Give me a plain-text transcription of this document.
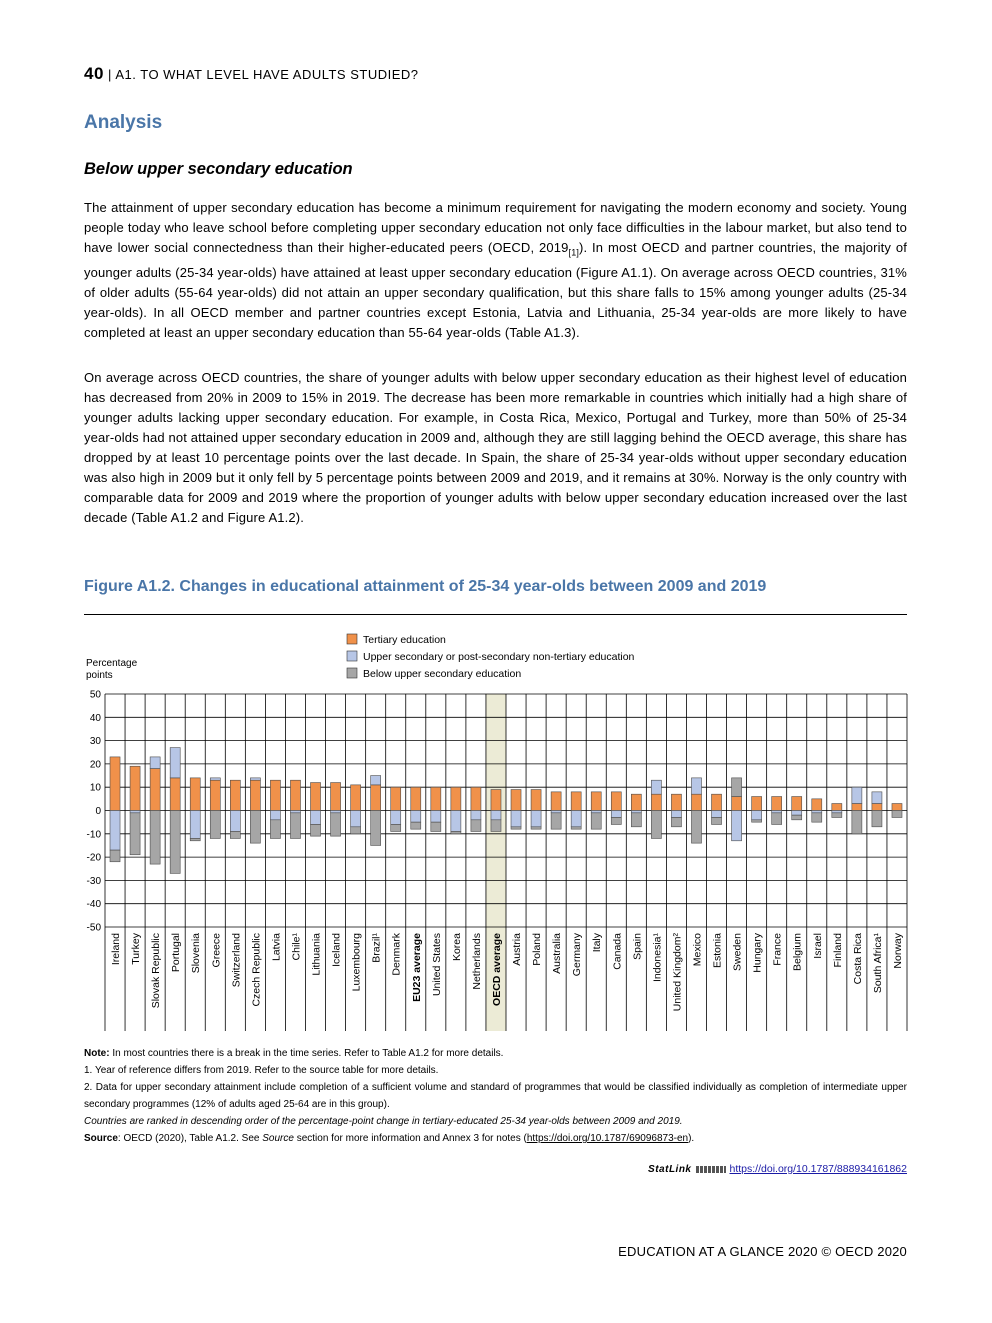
40 | A1. TO WHAT LEVEL HAVE ADULTS STUDIED?
Analysis
Below upper secondary education
The attainment of upper secondary education has become a minimum requirement for navigating the modern economy and society. Young people today who leave school before completing upper secondary education not only face difficulties in the labour market, but also tend to have lower social connectedness than their higher-educated peers (OECD, $2019_{[1]}$). In most OECD and partner countries, the majority of younger adults (25-34 year-olds) have attained at least upper secondary education (Figure A1.1). On average across OECD countries, 31% of older adults (55-64 year-olds) did not attain an upper secondary qualification, but this share falls to 15% among younger adults (25-34 year-olds). In all OECD member and partner countries except Estonia, Latvia and Lithuania, 25-34 year-olds are more likely to have completed at least an upper secondary education than 55-64 year-olds (Table A1.3).
On average across OECD countries, the share of younger adults with below upper secondary education as their highest level of education has decreased from 20% in 2009 to 15% in 2019. The decrease has been more remarkable in countries which initially had a high share of younger adults lacking upper secondary education. For example, in Costa Rica, Mexico, Portugal and Turkey, more than 50% of 25-34 year-olds had not attained upper secondary education in 2009 and, although they are still lagging behind the OECD average, this share has dropped by at least 10 percentage points over the last decade. In Spain, the share of 25-34 year-olds without upper secondary education was also high in 2009 but it only fell by 5 percentage points between 2009 and 2019, and it remains at 30%. Norway is the only country with comparable data for 2009 and 2019 where the proportion of younger adults with below upper secondary education increased over the last decade (Table A1.2 and Figure A1.2).
Figure A1.2. Changes in educational attainment of 25-34 year-olds between 2009 and 2019
50
40
30
20
10
0
-10
-20
-30
-40
-50
Percentage
points
Tertiary education
Upper secondary or post-secondary non-tertiary education
Below upper secondary education
Ireland Turkey Slovak Republic Portugal Slovenia Greece Switzerland Czech Republic Latvia Chile¹ Lithuania Iceland Luxembourg Brazil¹ Denmark EU23 average United States Korea Netherlands OECD average Austria Poland Australia Germany Italy Canada Spain Indonesia¹ United Kingdom² Mexico Estonia Sweden Hungary France Belgium Israel Finland Costa Rica South Africa¹ Norway

Note: In most countries there is a break in the time series. Refer to Table A1.2 for more details.

1. Year of reference differs from 2019. Refer to the source table for more details.

2. Data for upper secondary attainment include completion of a sufficient volume and standard of programmes that would be classified individually as completion of intermediate upper secondary programmes (12% of adults aged 25-64 are in this group).

Countries are ranked in descending order of the percentage-point change in tertiary-educated 25-34 year-olds between 2009 and 2019.

Source: OECD (2020), Table A1.2. See Source section for more information and Annex 3 for notes (https://doi.org/10.1787/69096873-en).

StatLink	https://doi.org/10.1787/888934161862
EDUCATION AT A GLANCE 2020 © OECD 2020
